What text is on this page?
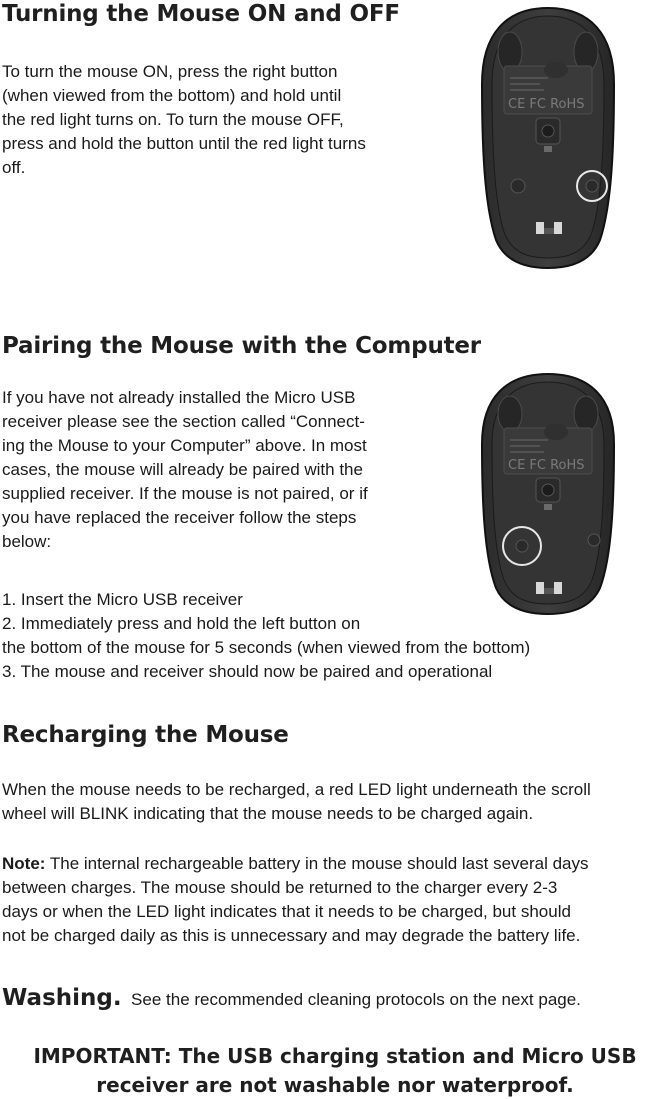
Turning the Mouse ON and OFF
To turn the mouse ON, press the right button
(when viewed from the bottom) and hold until
the red light turns on. To turn the mouse OFF,
press and hold the button until the red light turns
off.
CE FC RoHS
Pairing the Mouse with the Computer
If you have not already installed the Micro USB
receiver please see the section called “Connect-
ing the Mouse to your Computer” above. In most
cases, the mouse will already be paired with the
supplied receiver. If the mouse is not paired, or if
you have replaced the receiver follow the steps
below:
1. Insert the Micro USB receiver
2. Immediately press and hold the left button on
the bottom of the mouse for 5 seconds (when viewed from the bottom)
3. The mouse and receiver should now be paired and operational
CE FC RoHS
Recharging the Mouse
When the mouse needs to be recharged, a red LED light underneath the scroll
wheel will BLINK indicating that the mouse needs to be charged again.
Note: The internal rechargeable battery in the mouse should last several days
between charges. The mouse should be returned to the charger every 2-3
days or when the LED light indicates that it needs to be charged, but should
not be charged daily as this is unnecessary and may degrade the battery life.
Washing. See the recommended cleaning protocols on the next page.
IMPORTANT: The USB charging station and Micro USB
receiver are not washable nor waterproof.
